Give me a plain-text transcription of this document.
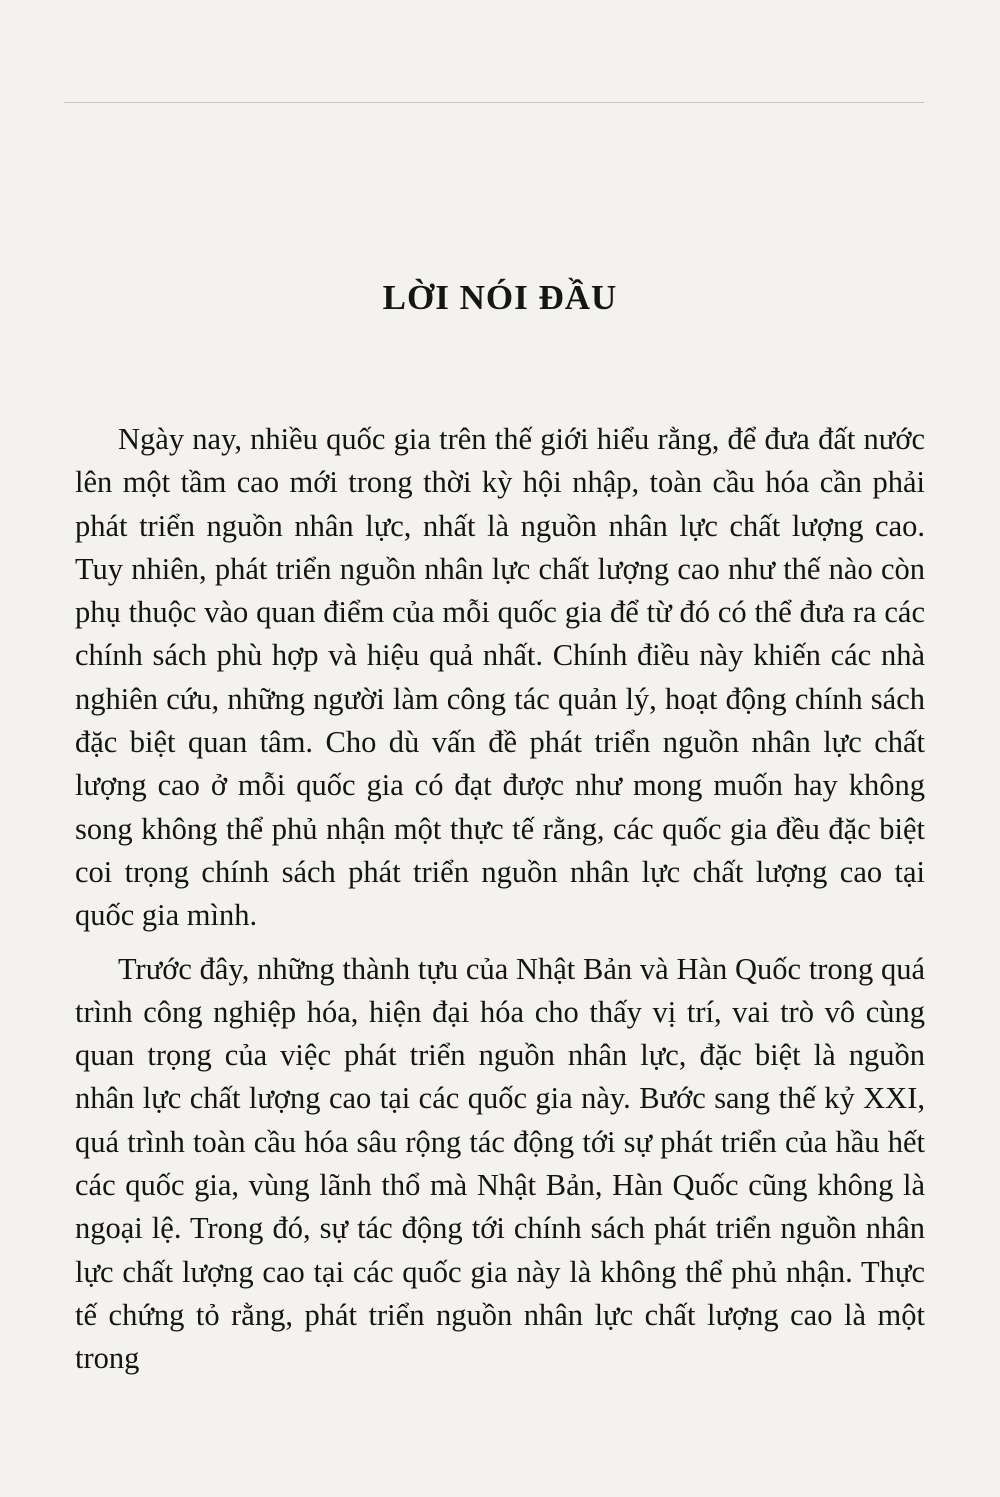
LỜI NÓI ĐẦU

Ngày nay, nhiều quốc gia trên thế giới hiểu rằng, để đưa đất nước lên một tầm cao mới trong thời kỳ hội nhập, toàn cầu hóa cần phải phát triển nguồn nhân lực, nhất là nguồn nhân lực chất lượng cao. Tuy nhiên, phát triển nguồn nhân lực chất lượng cao như thế nào còn phụ thuộc vào quan điểm của mỗi quốc gia để từ đó có thể đưa ra các chính sách phù hợp và hiệu quả nhất. Chính điều này khiến các nhà nghiên cứu, những người làm công tác quản lý, hoạt động chính sách đặc biệt quan tâm. Cho dù vấn đề phát triển nguồn nhân lực chất lượng cao ở mỗi quốc gia có đạt được như mong muốn hay không song không thể phủ nhận một thực tế rằng, các quốc gia đều đặc biệt coi trọng chính sách phát triển nguồn nhân lực chất lượng cao tại quốc gia mình.

Trước đây, những thành tựu của Nhật Bản và Hàn Quốc trong quá trình công nghiệp hóa, hiện đại hóa cho thấy vị trí, vai trò vô cùng quan trọng của việc phát triển nguồn nhân lực, đặc biệt là nguồn nhân lực chất lượng cao tại các quốc gia này. Bước sang thế kỷ XXI, quá trình toàn cầu hóa sâu rộng tác động tới sự phát triển của hầu hết các quốc gia, vùng lãnh thổ mà Nhật Bản, Hàn Quốc cũng không là ngoại lệ. Trong đó, sự tác động tới chính sách phát triển nguồn nhân lực chất lượng cao tại các quốc gia này là không thể phủ nhận. Thực tế chứng tỏ rằng, phát triển nguồn nhân lực chất lượng cao là một trong
